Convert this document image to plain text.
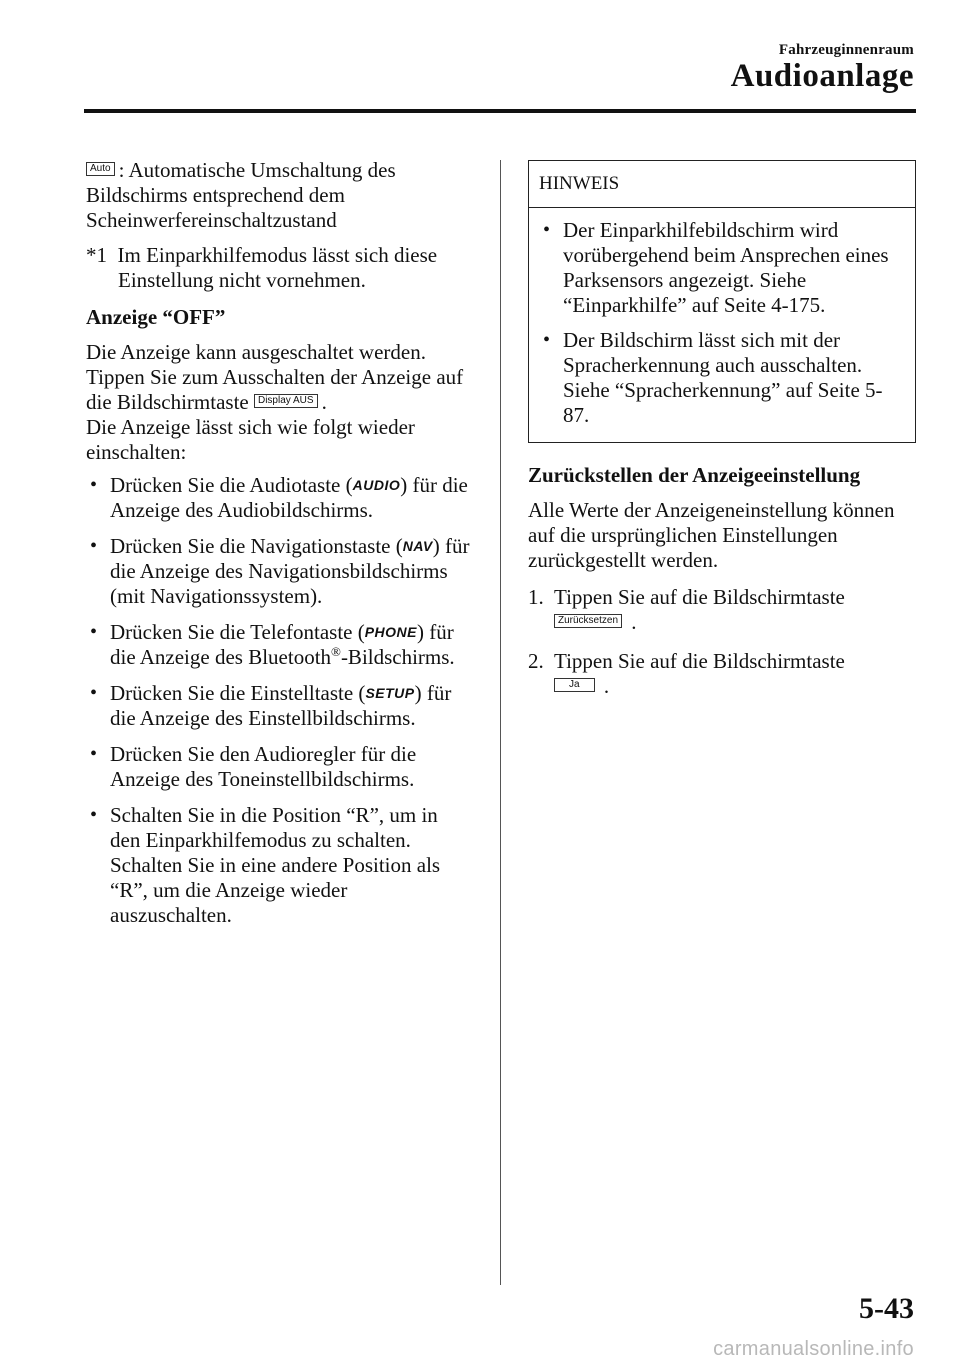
Fahrzeuginnenraum
Audioanlage

Auto : Automatische Umschaltung des Bildschirms entsprechend dem Scheinwerfereinschaltzustand

*1 Im Einparkhilfemodus lässt sich diese Einstellung nicht vornehmen.

Anzeige “OFF”

Die Anzeige kann ausgeschaltet werden. Tippen Sie zum Ausschalten der Anzeige auf die Bildschirmtaste Display AUS .

Die Anzeige lässt sich wie folgt wieder einschalten:

• Drücken Sie die Audiotaste (AUDIO) für die Anzeige des Audiobildschirms.
• Drücken Sie die Navigationstaste (NAV) für die Anzeige des Navigationsbildschirms (mit Navigationssystem).
• Drücken Sie die Telefontaste (PHONE) für die Anzeige des Bluetooth®-Bildschirms.
• Drücken Sie die Einstelltaste (SETUP) für die Anzeige des Einstellbildschirms.
• Drücken Sie den Audioregler für die Anzeige des Toneinstellbildschirms.
• Schalten Sie in die Position “R”, um in den Einparkhilfemodus zu schalten. Schalten Sie in eine andere Position als “R”, um die Anzeige wieder auszuschalten.
HINWEIS
• Der Einparkhilfebildschirm wird vorübergehend beim Ansprechen eines Parksensors angezeigt. Siehe “Einparkhilfe” auf Seite 4-175.
• Der Bildschirm lässt sich mit der Spracherkennung auch ausschalten. Siehe “Spracherkennung” auf Seite 5-87.

Zurückstellen der Anzeigeeinstellung

Alle Werte der Anzeigeneinstellung können auf die ursprünglichen Einstellungen zurückgestellt werden.

1. Tippen Sie auf die Bildschirmtaste
Zurücksetzen .
2. Tippen Sie auf die Bildschirmtaste
Ja .
5-43
carmanualsonline.info
